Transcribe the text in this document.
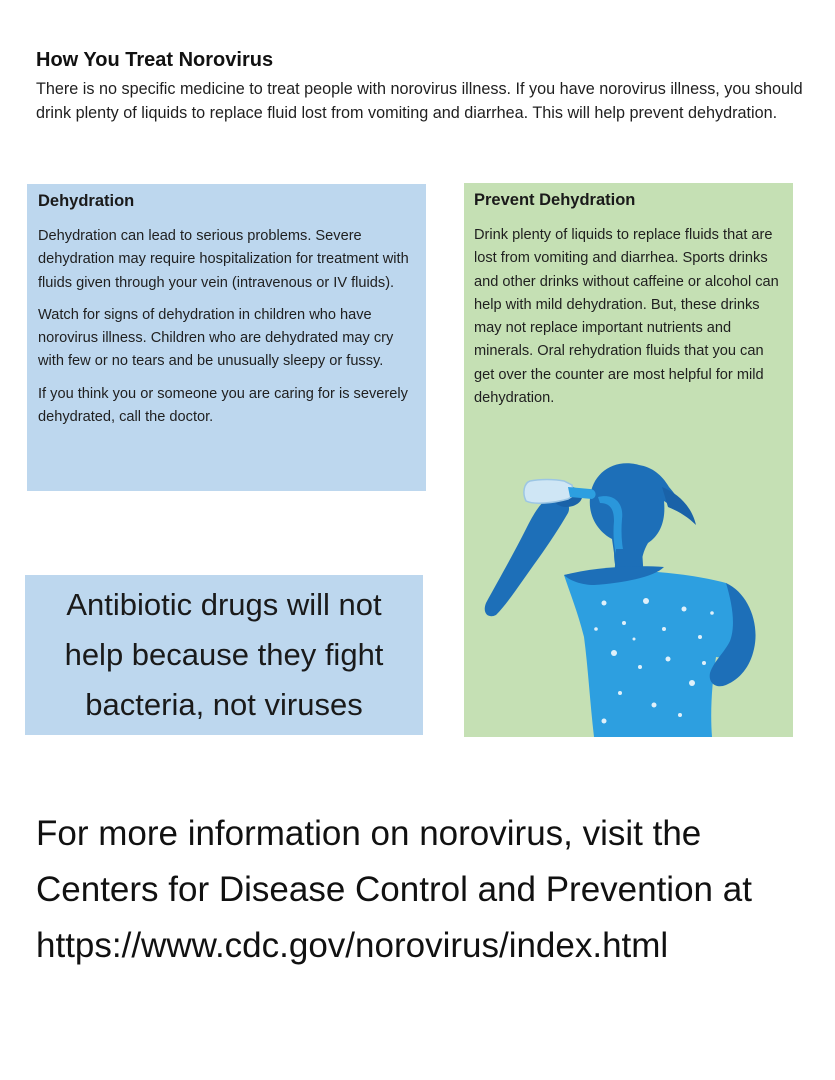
How You Treat Norovirus

There is no specific medicine to treat people with norovirus illness. If you have norovirus illness, you should drink plenty of liquids to replace fluid lost from vomiting and diarrhea. This will help prevent dehydration.

Dehydration

Dehydration can lead to serious problems. Severe dehydration may require hospitalization for treatment with fluids given through your vein (intravenous or IV fluids).

Watch for signs of dehydration in children who have norovirus illness. Children who are dehydrated may cry with few or no tears and be unusually sleepy or fussy.

If you think you or someone you are caring for is severely dehydrated, call the doctor.

Prevent Dehydration

Drink plenty of liquids to replace fluids that are lost from vomiting and diarrhea. Sports drinks and other drinks without caffeine or alcohol can help with mild dehydration. But, these drinks may not replace important nutrients and minerals. Oral rehydration fluids that you can get over the counter are most helpful for mild dehydration.

Antibiotic drugs will not help because they fight bacteria, not viruses

For more information on norovirus, visit the Centers for Disease Control and Prevention at https://www.cdc.gov/norovirus/index.html
